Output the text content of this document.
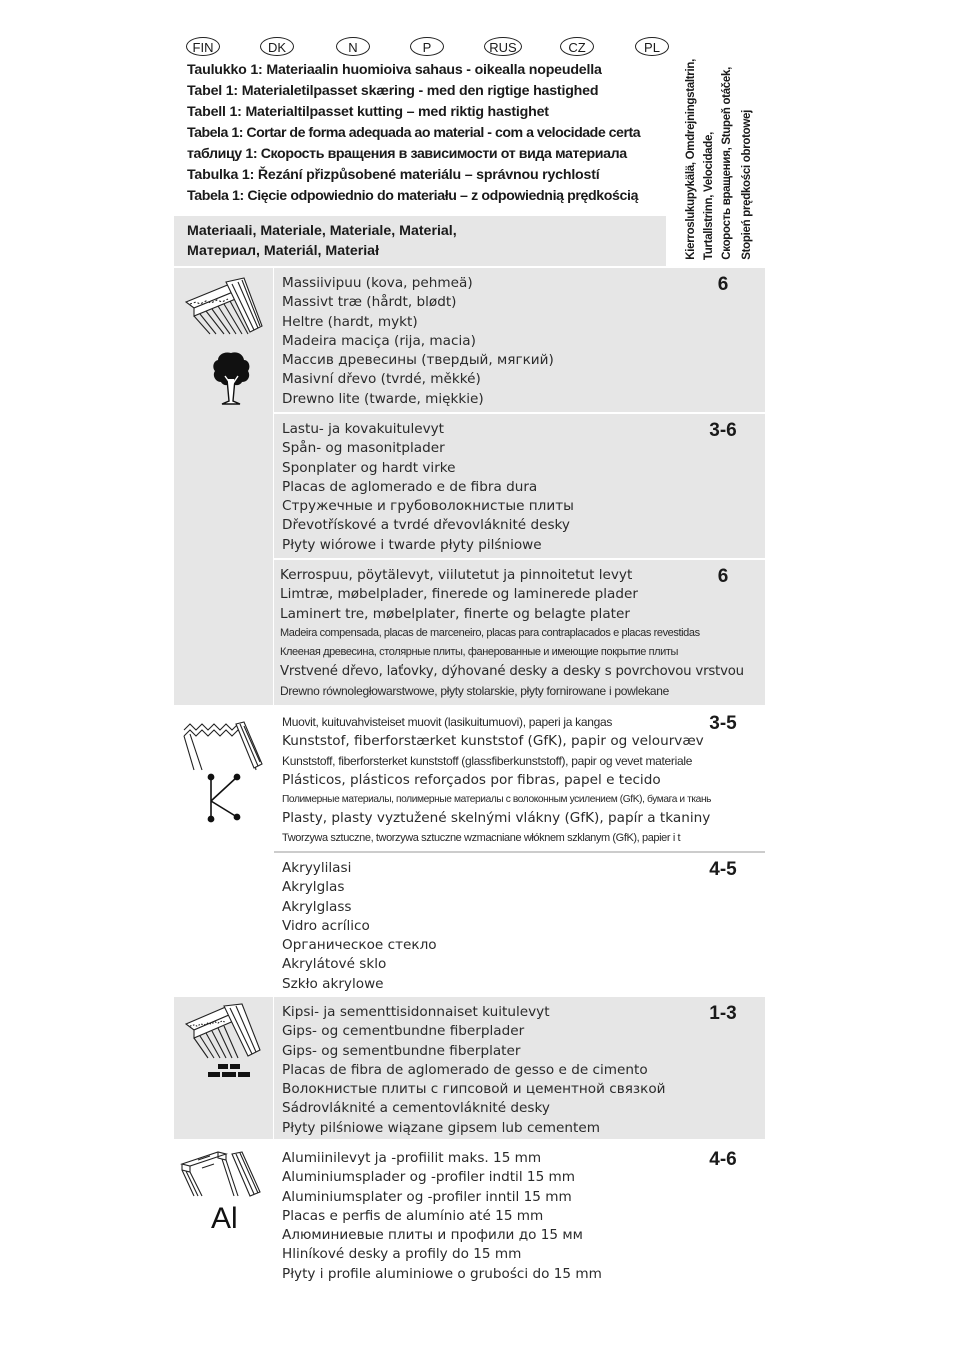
FIN	DK	N	P	RUS	CZ	PL
Taulukko 1: Materiaalin huomioiva sahaus - oikealla nopeudella
Tabel 1: Materialetilpasset skæring - med den rigtige hastighed
Tabell 1: Materialtilpasset kutting – med riktig hastighet
Tabela 1: Cortar de forma adequada ao material - com a velocidade certa
таблицу 1: Скорость вращения в зависимости от вида материала
Tabulka 1: Řezání přizpůsobené materiálu – správnou rychlostí
Tabela 1: Cięcie odpowiednio do materiału – z odpowiednią prędkością	Kierroslukupykälä, Omdrejningstaltrin, Turtallstrinn, Velocidade, Скорость вращения, Stupeň otáček, Stopień prędkości obrotowej
Materiaali, Materiale, Materiale, Material,
Материал, Materiál, Materiał
Massiivipuu (kova, pehmeä)
Massivt træ (hårdt, blødt)
Heltre (hardt, mykt)
Madeira maciça (rija, macia)
Массив древесины (твердый, мягкий)
Masivní dřevo (tvrdé, měkké)
Drewno lite (twarde, miękkie)
6
Lastu- ja kovakuitulevyt
Spån- og masonitplader
Sponplater og hardt virke
Placas de aglomerado e de fibra dura
Стружечные и грубоволокнистые плиты
Dřevotřískové a tvrdé dřevovláknité desky
Płyty wiórowe i twarde płyty pilśniowe
3-6
Kerrospuu, pöytälevyt, viilutetut ja pinnoitetut levyt
Limtræ, møbelplader, finerede og laminerede plader
Laminert tre, møbelplater, finerte og belagte plater
Madeira compensada, placas de marceneiro, placas para contraplacados e placas revestidas
Клееная древесина, столярные плиты, фанерованные и имеющие покрытие плиты
Vrstvené dřevo, laťovky, dýhované desky a desky s povrchovou vrstvou
Drewno równoległowarstwowe, płyty stolarskie, płyty fornirowane i powlekane
6
Muovit, kuituvahvisteiset muovit (lasikuitumuovi), paperi ja kangas
Kunststof, fiberforstærket kunststof (GfK), papir og velourvæv
Kunststoff, fiberforsterket kunststoff (glassfiberkunststoff), papir og vevet materiale
Plásticos, plásticos reforçados por fibras, papel e tecido
Полимерные материалы, полимерные материалы с волоконным усилением (GfK), бумага и ткань
Plasty, plasty vyztužené skelnými vlákny (GfK), papír a tkaniny
Tworzywa sztuczne, tworzywa sztuczne wzmacniane włóknem szklanym (GfK), papier i t
3-5
Akryylilasi
Akrylglas
Akrylglass
Vidro acrílico
Органическое стекло
Akrylátové sklo
Szkło akrylowe
4-5
Kipsi- ja sementtisidonnaiset kuitulevyt
Gips- og cementbundne fiberplader
Gips- og sementbundne fiberplater
Placas de fibra de aglomerado de gesso e de cimento
Волокнистые плиты с гипсовой и цементной связкой
Sádrovláknité a cementovláknité desky
Płyty pilśniowe wiązane gipsem lub cementem
1-3
Alumiinilevyt ja -profiilit maks. 15 mm
Aluminiumsplader og -profiler indtil 15 mm
Aluminiumsplater og -profiler inntil 15 mm
Placas e perfis de alumínio até 15 mm
Алюминиевые плиты и профили до 15 мм
Hliníkové desky a profily do 15 mm
Płyty i profile aluminiowe o grubości do 15 mm
4-6
Al
